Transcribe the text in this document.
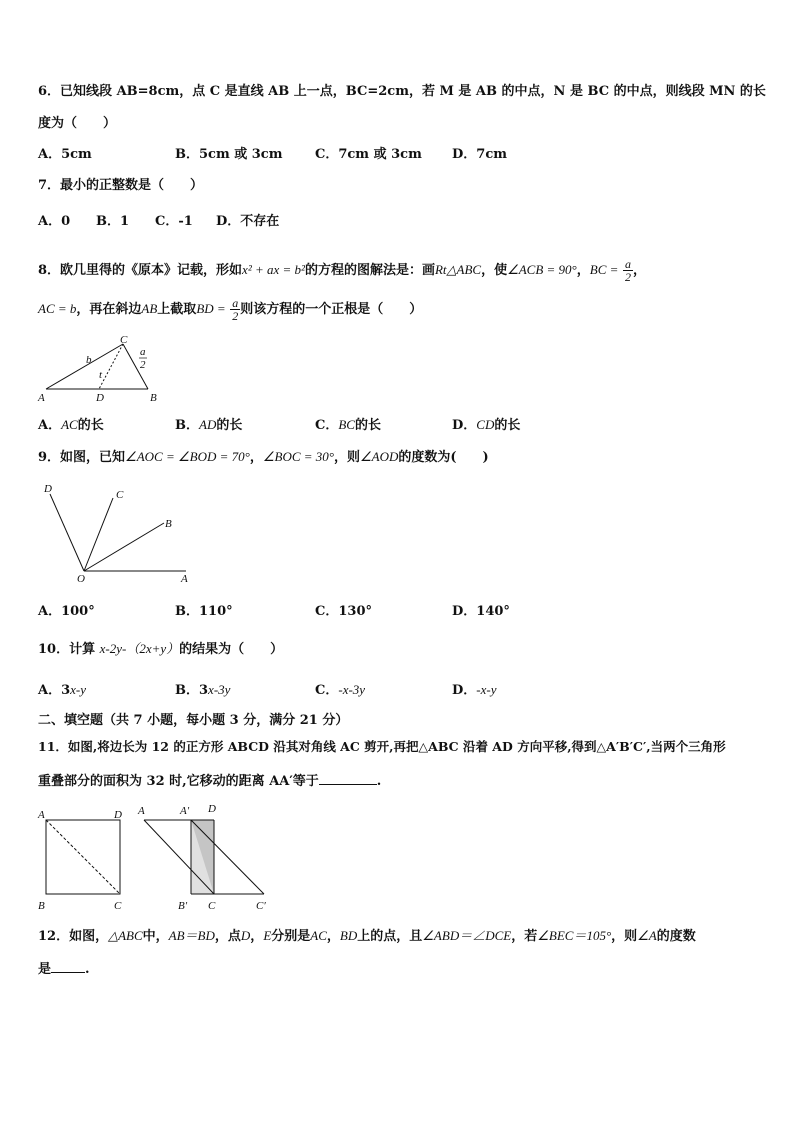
6．已知线段 AB=8cm，点 C 是直线 AB 上一点，BC=2cm，若 M 是 AB 的中点，N 是 BC 的中点，则线段 MN 的长
度为（　　）
A．5cm	B．5cm 或 3cm	C．7cm 或 3cm D．7cm
7．最小的正整数是（　　）
A．0 B．1 C．-1 D．不存在
8．欧几里得的《原本》记载，形如x² + ax = b²的方程的图解法是：画Rt△ABC，使∠ACB = 90°，BC = $\frac{a}{2}$ ，
AC = b，再在斜边AB上截取BD = $\frac{a}{2}$ 则该方程的一个正根是（　　）
A	D	B
C
b
t
a
2
A．AC的长	B．AD的长	C．BC的长	D．CD的长
9．如图，已知∠AOC = ∠BOD = 70°，∠BOC = 30°，则∠AOD的度数为(　　)
D	C
B
O	A
A．100°	B．110°	C．130°	D．140°
10．计算 x-2y-（2x+y）的结果为（　　）
A．3x-y	B．3x-3y	C．-x-3y	D．-x-y
二、填空题（共 7 小题，每小题 3 分，满分 21 分）
11．如图,将边长为 12 的正方形 ABCD 沿其对角线 AC 剪开,再把△ABC 沿着 AD 方向平移,得到△A′B′C′,当两个三角形
重叠部分的面积为 32 时,它移动的距离 AA′等于	.
A	D
B	C
A	A′ D
B′ C	C′
12．如图，△ABC中，AB＝BD，点D，E分别是AC，BD上的点，且∠ABD＝∠DCE，若∠BEC＝105°，则∠A的度数
是	.
